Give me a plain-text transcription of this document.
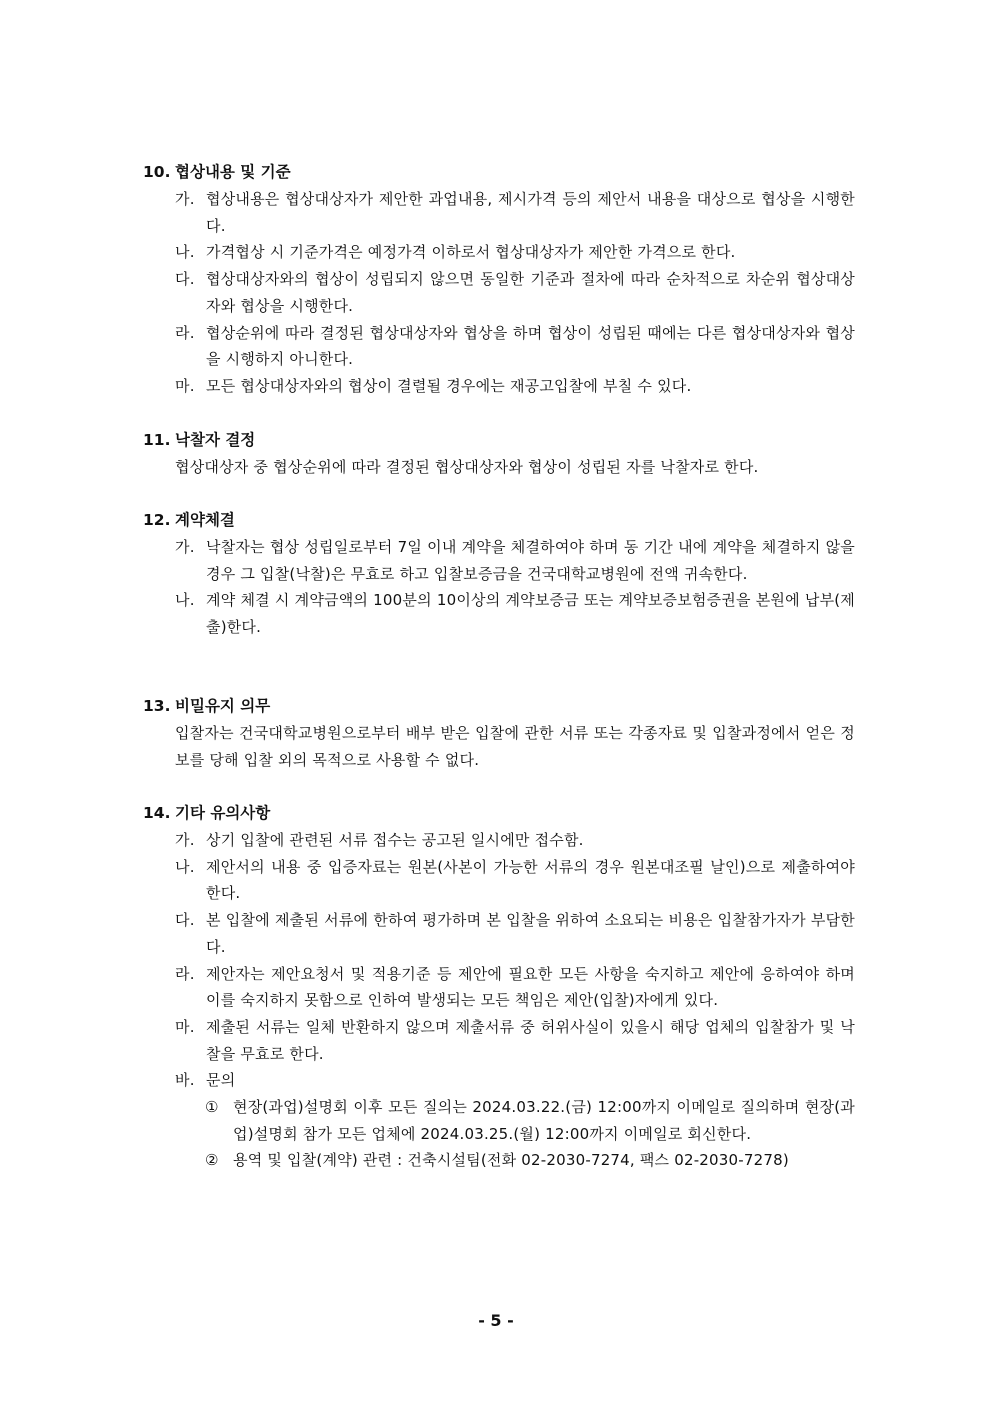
10. 협상내용 및 기준
가. 협상내용은 협상대상자가 제안한 과업내용, 제시가격 등의 제안서 내용을 대상으로 협상을 시행한다.
나. 가격협상 시 기준가격은 예정가격 이하로서 협상대상자가 제안한 가격으로 한다.
다. 협상대상자와의 협상이 성립되지 않으면 동일한 기준과 절차에 따라 순차적으로 차순위 협상대상자와 협상을 시행한다.
라. 협상순위에 따라 결정된 협상대상자와 협상을 하며 협상이 성립된 때에는 다른 협상대상자와 협상을 시행하지 아니한다.
마. 모든 협상대상자와의 협상이 결렬될 경우에는 재공고입찰에 부칠 수 있다.
11. 낙찰자 결정
협상대상자 중 협상순위에 따라 결정된 협상대상자와 협상이 성립된 자를 낙찰자로 한다.
12. 계약체결
가. 낙찰자는 협상 성립일로부터 7일 이내 계약을 체결하여야 하며 동 기간 내에 계약을 체결하지 않을 경우 그 입찰(낙찰)은 무효로 하고 입찰보증금을 건국대학교병원에 전액 귀속한다.
나. 계약 체결 시 계약금액의 100분의 10이상의 계약보증금 또는 계약보증보험증권을 본원에 납부(제출)한다.
13. 비밀유지 의무
입찰자는 건국대학교병원으로부터 배부 받은 입찰에 관한 서류 또는 각종자료 및 입찰과정에서 얻은 정보를 당해 입찰 외의 목적으로 사용할 수 없다.
14. 기타 유의사항
가. 상기 입찰에 관련된 서류 접수는 공고된 일시에만 접수함.
나. 제안서의 내용 중 입증자료는 원본(사본이 가능한 서류의 경우 원본대조필 날인)으로 제출하여야 한다.
다. 본 입찰에 제출된 서류에 한하여 평가하며 본 입찰을 위하여 소요되는 비용은 입찰참가자가 부담한다.
라. 제안자는 제안요청서 및 적용기준 등 제안에 필요한 모든 사항을 숙지하고 제안에 응하여야 하며 이를 숙지하지 못함으로 인하여 발생되는 모든 책임은 제안(입찰)자에게 있다.
마. 제출된 서류는 일체 반환하지 않으며 제출서류 중 허위사실이 있을시 해당 업체의 입찰참가 및 낙찰을 무효로 한다.
바. 문의
① 현장(과업)설명회 이후 모든 질의는 2024.03.22.(금) 12:00까지 이메일로 질의하며 현장(과업)설명회 참가 모든 업체에 2024.03.25.(월) 12:00까지 이메일로 회신한다.
② 용역 및 입찰(계약) 관련 : 건축시설팀(전화 02-2030-7274, 팩스 02-2030-7278)
- 5 -
